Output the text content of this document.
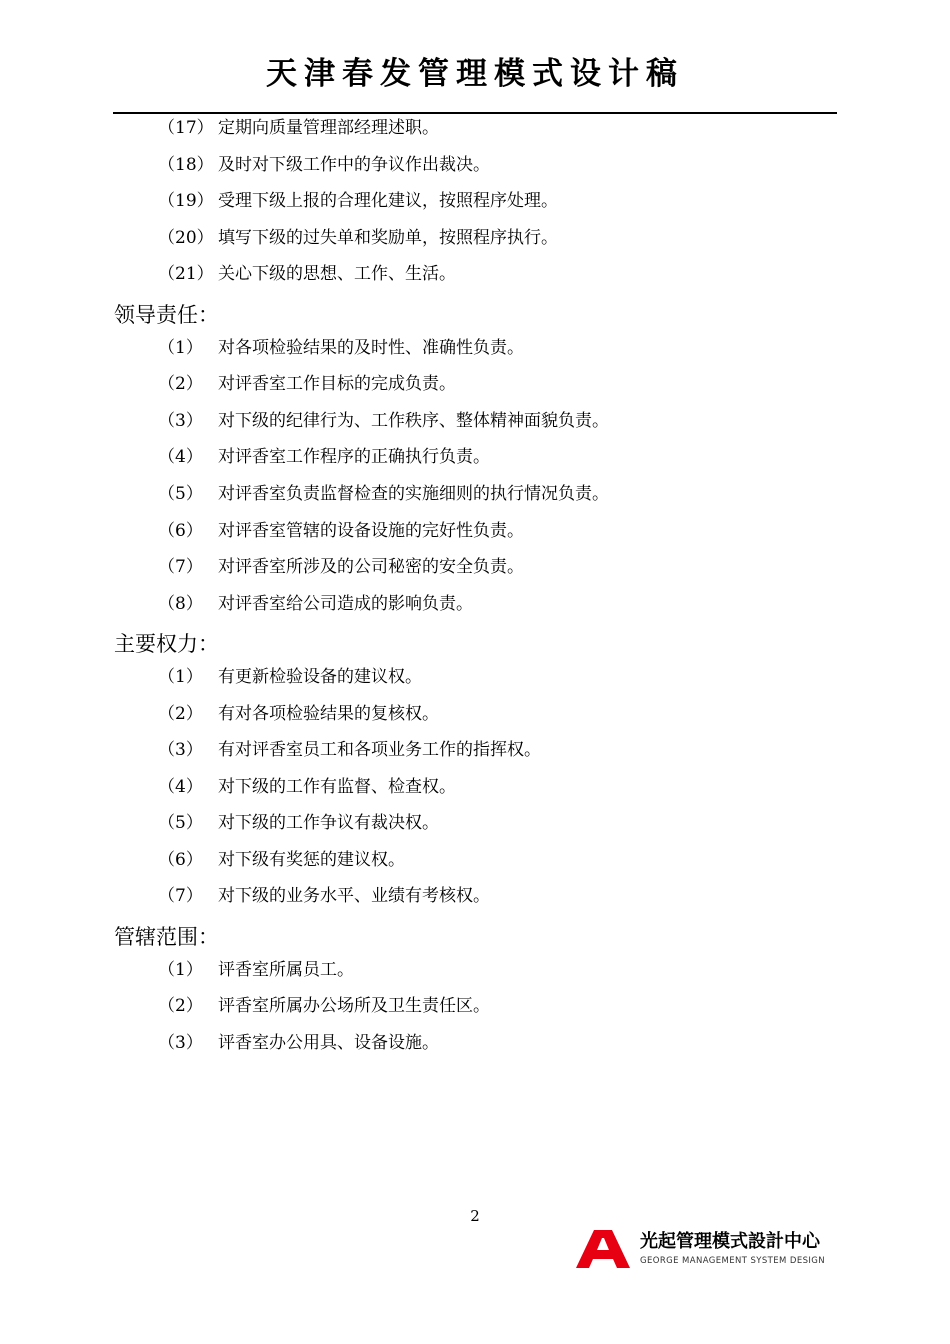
天津春发管理模式设计稿
（17） 定期向质量管理部经理述职。
（18） 及时对下级工作中的争议作出裁决。
（19） 受理下级上报的合理化建议，按照程序处理。
（20） 填写下级的过失单和奖励单，按照程序执行。
（21） 关心下级的思想、工作、生活。
领导责任：
（1） 对各项检验结果的及时性、准确性负责。
（2） 对评香室工作目标的完成负责。
（3） 对下级的纪律行为、工作秩序、整体精神面貌负责。
（4） 对评香室工作程序的正确执行负责。
（5） 对评香室负责监督检查的实施细则的执行情况负责。
（6） 对评香室管辖的设备设施的完好性负责。
（7） 对评香室所涉及的公司秘密的安全负责。
（8） 对评香室给公司造成的影响负责。
主要权力：
（1） 有更新检验设备的建议权。
（2） 有对各项检验结果的复核权。
（3） 有对评香室员工和各项业务工作的指挥权。
（4） 对下级的工作有监督、检查权。
（5） 对下级的工作争议有裁决权。
（6） 对下级有奖惩的建议权。
（7） 对下级的业务水平、业绩有考核权。
管辖范围：
（1） 评香室所属员工。
（2） 评香室所属办公场所及卫生责任区。
（3） 评香室办公用具、设备设施。
2
光起管理模式設計中心
GEORGE MANAGEMENT SYSTEM DESIGN
